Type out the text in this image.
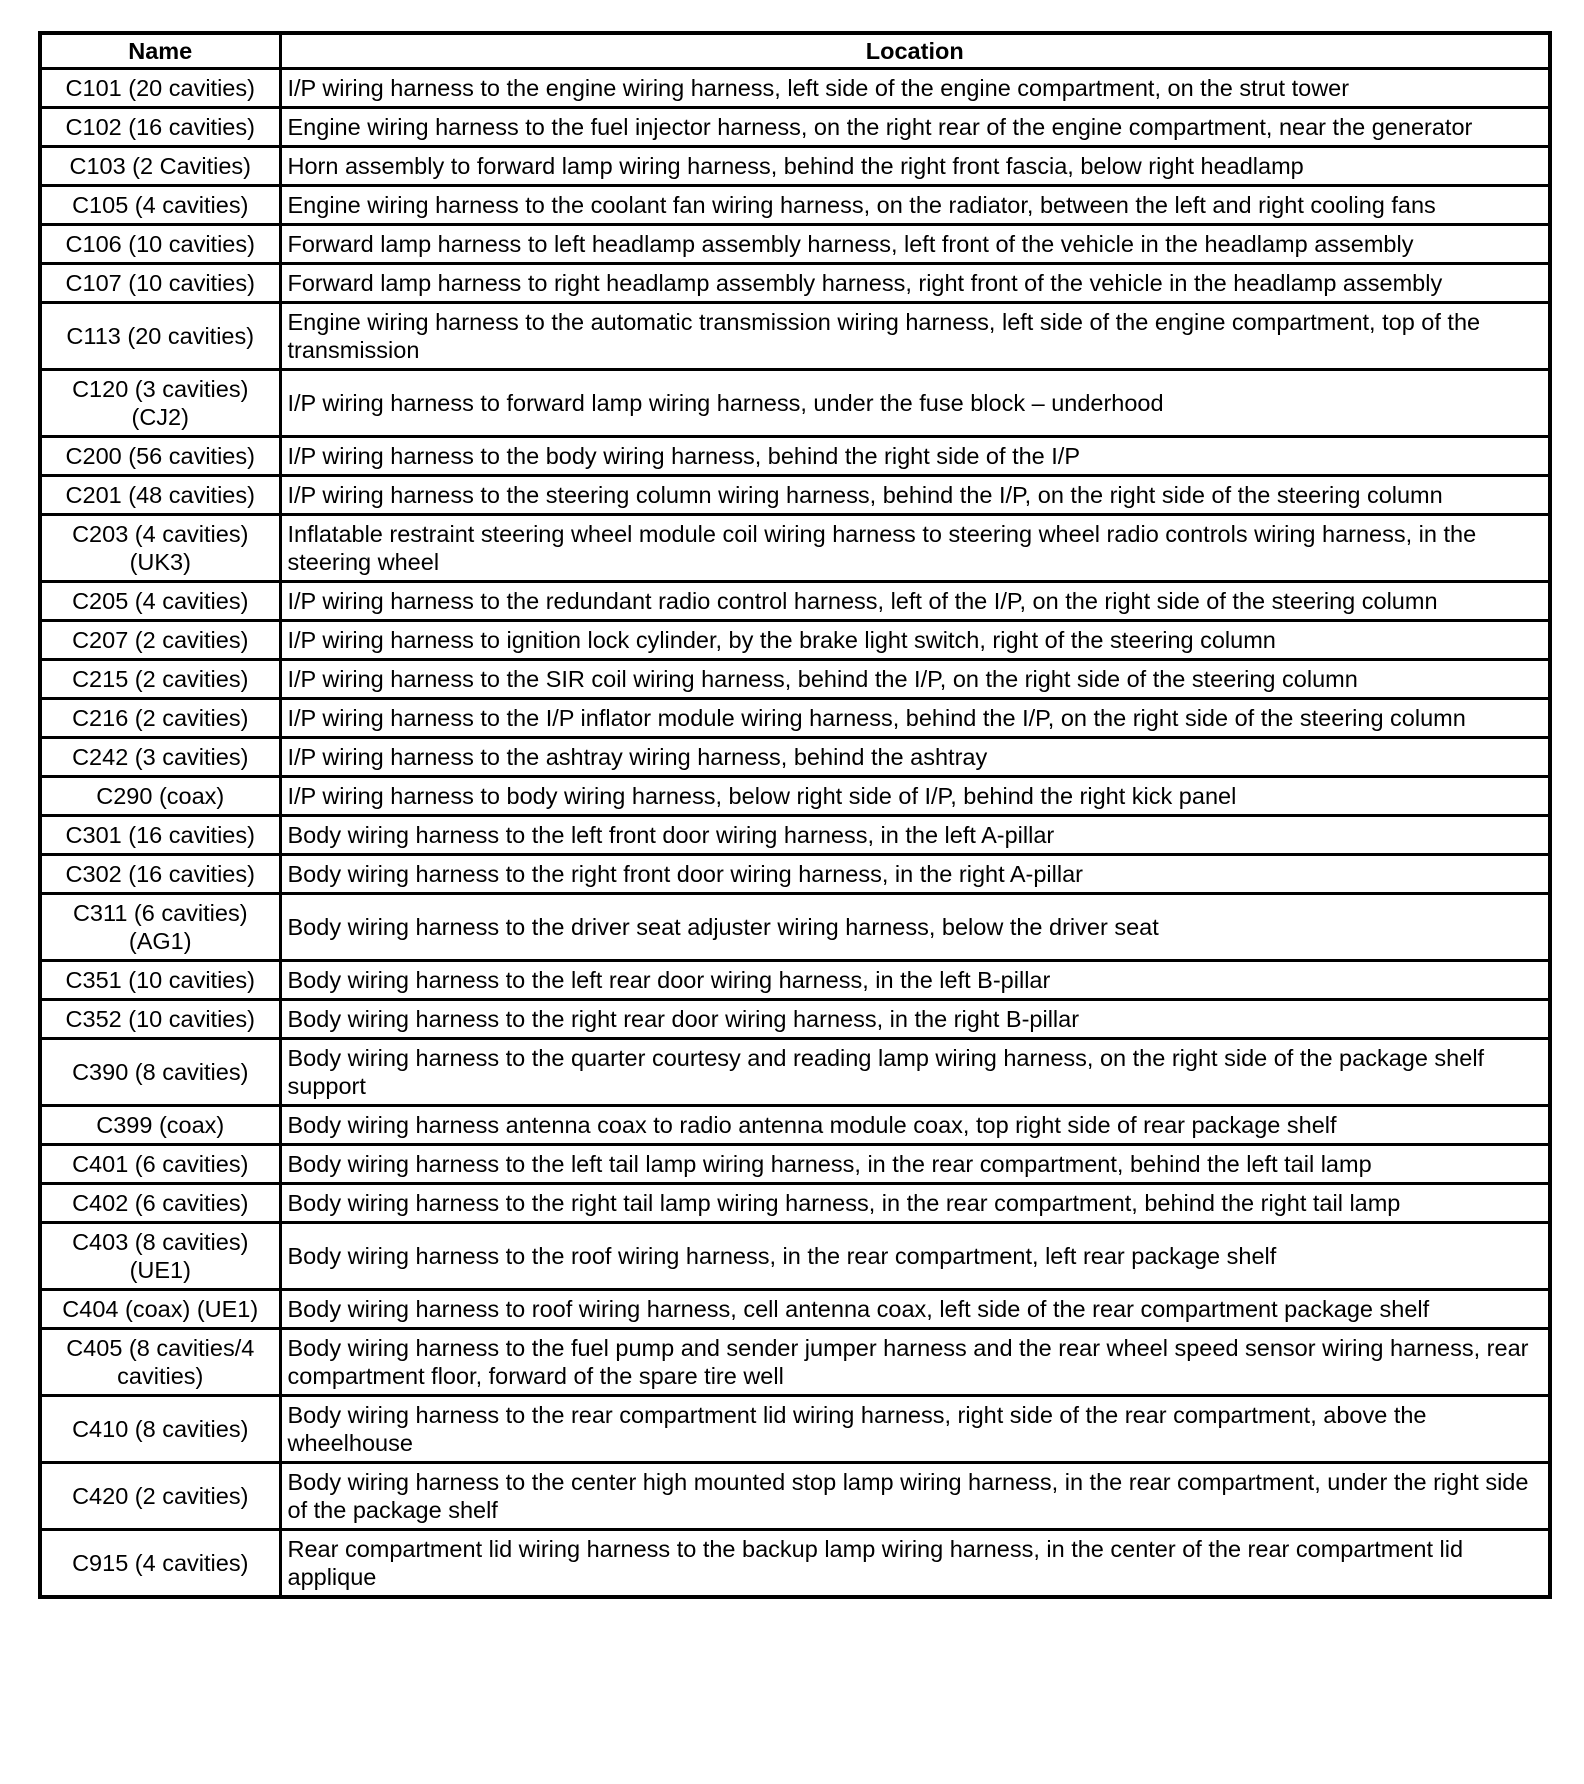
Name	Location
C101 (20 cavities)	I/P wiring harness to the engine wiring harness, left side of the engine compartment, on the strut tower
C102 (16 cavities)	Engine wiring harness to the fuel injector harness, on the right rear of the engine compartment, near the generator
C103 (2 Cavities)	Horn assembly to forward lamp wiring harness, behind the right front fascia, below right headlamp
C105 (4 cavities)	Engine wiring harness to the coolant fan wiring harness, on the radiator, between the left and right cooling fans
C106 (10 cavities)	Forward lamp harness to left headlamp assembly harness, left front of the vehicle in the headlamp assembly
C107 (10 cavities)	Forward lamp harness to right headlamp assembly harness, right front of the vehicle in the headlamp assembly
C113 (20 cavities)	Engine wiring harness to the automatic transmission wiring harness, left side of the engine compartment, top of the transmission
C120 (3 cavities) (CJ2)	I/P wiring harness to forward lamp wiring harness, under the fuse block – underhood
C200 (56 cavities)	I/P wiring harness to the body wiring harness, behind the right side of the I/P
C201 (48 cavities)	I/P wiring harness to the steering column wiring harness, behind the I/P, on the right side of the steering column
C203 (4 cavities) (UK3)	Inflatable restraint steering wheel module coil wiring harness to steering wheel radio controls wiring harness, in the steering wheel
C205 (4 cavities)	I/P wiring harness to the redundant radio control harness, left of the I/P, on the right side of the steering column
C207 (2 cavities)	I/P wiring harness to ignition lock cylinder, by the brake light switch, right of the steering column
C215 (2 cavities)	I/P wiring harness to the SIR coil wiring harness, behind the I/P, on the right side of the steering column
C216 (2 cavities)	I/P wiring harness to the I/P inflator module wiring harness, behind the I/P, on the right side of the steering column
C242 (3 cavities)	I/P wiring harness to the ashtray wiring harness, behind the ashtray
C290 (coax)	I/P wiring harness to body wiring harness, below right side of I/P, behind the right kick panel
C301 (16 cavities)	Body wiring harness to the left front door wiring harness, in the left A-pillar
C302 (16 cavities)	Body wiring harness to the right front door wiring harness, in the right A-pillar
C311 (6 cavities) (AG1)	Body wiring harness to the driver seat adjuster wiring harness, below the driver seat
C351 (10 cavities)	Body wiring harness to the left rear door wiring harness, in the left B-pillar
C352 (10 cavities)	Body wiring harness to the right rear door wiring harness, in the right B-pillar
C390 (8 cavities)	Body wiring harness to the quarter courtesy and reading lamp wiring harness, on the right side of the package shelf support
C399 (coax)	Body wiring harness antenna coax to radio antenna module coax, top right side of rear package shelf
C401 (6 cavities)	Body wiring harness to the left tail lamp wiring harness, in the rear compartment, behind the left tail lamp
C402 (6 cavities)	Body wiring harness to the right tail lamp wiring harness, in the rear compartment, behind the right tail lamp
C403 (8 cavities) (UE1)	Body wiring harness to the roof wiring harness, in the rear compartment, left rear package shelf
C404 (coax) (UE1)	Body wiring harness to roof wiring harness, cell antenna coax, left side of the rear compartment package shelf
C405 (8 cavities/4 cavities)	Body wiring harness to the fuel pump and sender jumper harness and the rear wheel speed sensor wiring harness, rear compartment floor, forward of the spare tire well
C410 (8 cavities)	Body wiring harness to the rear compartment lid wiring harness, right side of the rear compartment, above the wheelhouse
C420 (2 cavities)	Body wiring harness to the center high mounted stop lamp wiring harness, in the rear compartment, under the right side of the package shelf
C915 (4 cavities)	Rear compartment lid wiring harness to the backup lamp wiring harness, in the center of the rear compartment lid applique
